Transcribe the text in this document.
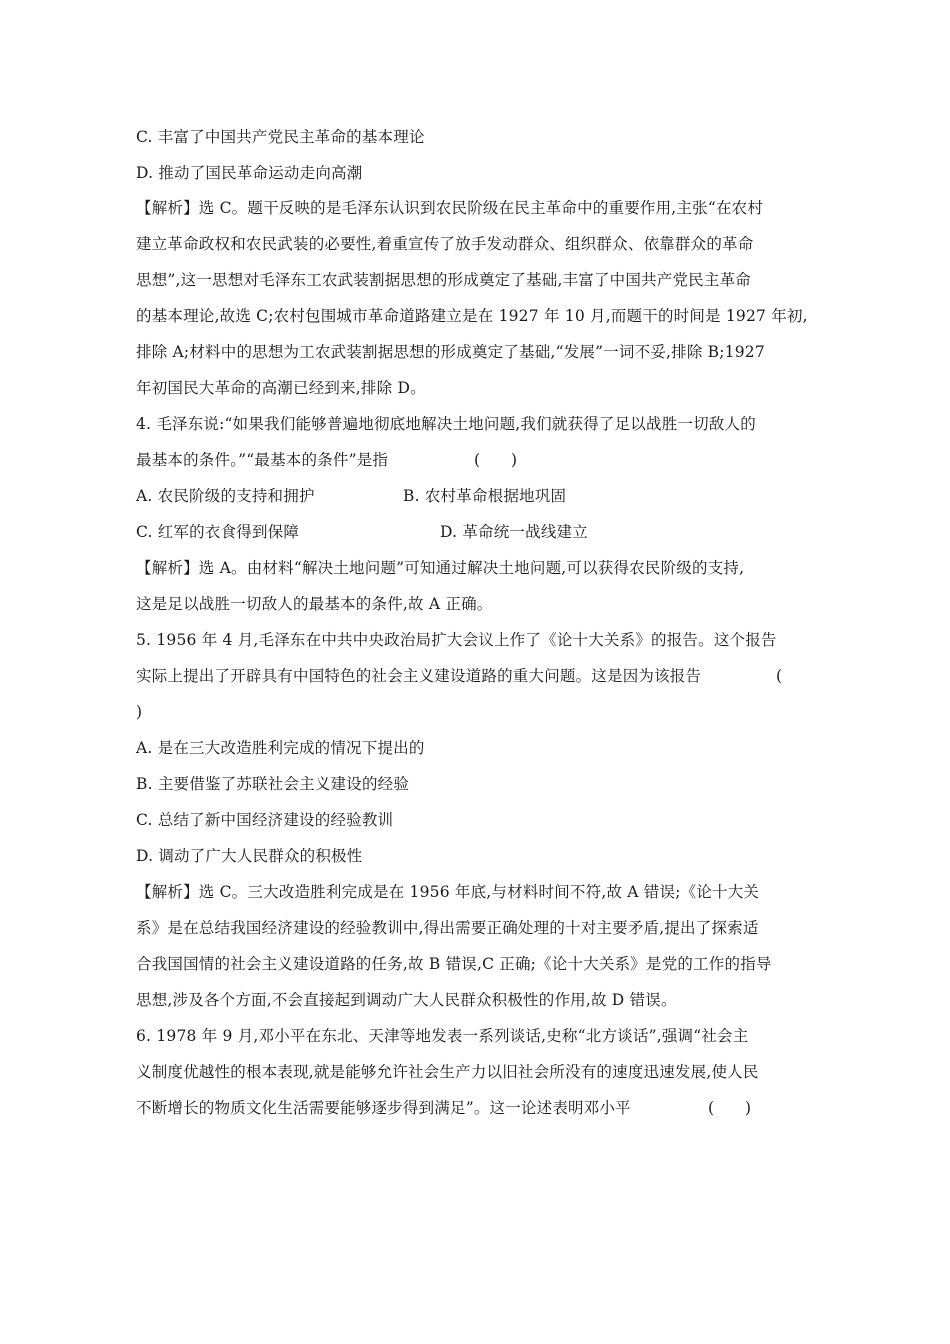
C. 丰富了中国共产党民主革命的基本理论
D. 推动了国民革命运动走向高潮
【解析】选 C。题干反映的是毛泽东认识到农民阶级在民主革命中的重要作用,主张“在农村
建立革命政权和农民武装的必要性,着重宣传了放手发动群众、组织群众、依靠群众的革命
思想”,这一思想对毛泽东工农武装割据思想的形成奠定了基础,丰富了中国共产党民主革命
的基本理论,故选 C;农村包围城市革命道路建立是在 1927 年 10 月,而题干的时间是 1927 年初,
排除 A;材料中的思想为工农武装割据思想的形成奠定了基础,“发展”一词不妥,排除 B;1927
年初国民大革命的高潮已经到来,排除 D。
4. 毛泽东说:“如果我们能够普遍地彻底地解决土地问题,我们就获得了足以战胜一切敌人的
最基本的条件。”“最基本的条件”是指	(　　)
A. 农民阶级的支持和拥护	B. 农村革命根据地巩固
C. 红军的衣食得到保障	D. 革命统一战线建立
【解析】选 A。由材料“解决土地问题”可知通过解决土地问题,可以获得农民阶级的支持,
这是足以战胜一切敌人的最基本的条件,故 A 正确。
5. 1956 年 4 月,毛泽东在中共中央政治局扩大会议上作了《论十大关系》的报告。这个报告
实际上提出了开辟具有中国特色的社会主义建设道路的重大问题。这是因为该报告	(
)
A. 是在三大改造胜利完成的情况下提出的
B. 主要借鉴了苏联社会主义建设的经验
C. 总结了新中国经济建设的经验教训
D. 调动了广大人民群众的积极性
【解析】选 C。三大改造胜利完成是在 1956 年底,与材料时间不符,故 A 错误;《论十大关
系》是在总结我国经济建设的经验教训中,得出需要正确处理的十对主要矛盾,提出了探索适
合我国国情的社会主义建设道路的任务,故 B 错误,C 正确;《论十大关系》是党的工作的指导
思想,涉及各个方面,不会直接起到调动广大人民群众积极性的作用,故 D 错误。
6. 1978 年 9 月,邓小平在东北、天津等地发表一系列谈话,史称“北方谈话”,强调“社会主
义制度优越性的根本表现,就是能够允许社会生产力以旧社会所没有的速度迅速发展,使人民
不断增长的物质文化生活需要能够逐步得到满足”。这一论述表明邓小平	(　　)
